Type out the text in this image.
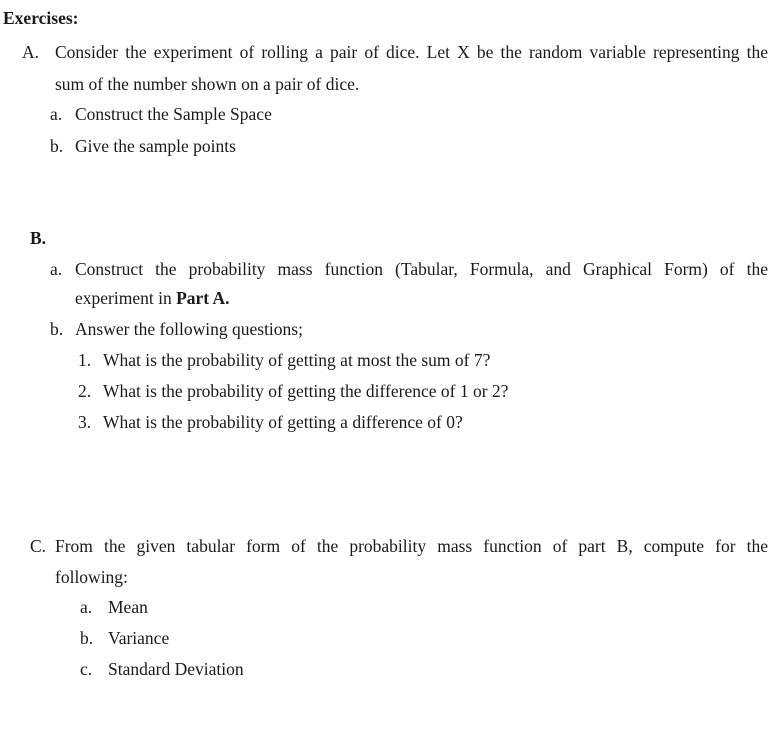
Exercises:
A. Consider the experiment of rolling a pair of dice. Let X be the random variable representing the
sum of the number shown on a pair of dice.
a. Construct the Sample Space
b. Give the sample points
B.
a. Construct the probability mass function (Tabular, Formula, and Graphical Form) of the
experiment in Part A.
b. Answer the following questions;
1. What is the probability of getting at most the sum of 7?
2. What is the probability of getting the difference of 1 or 2?
3. What is the probability of getting a difference of 0?
C. From the given tabular form of the probability mass function of part B, compute for the
following:
a. Mean
b. Variance
c. Standard Deviation
